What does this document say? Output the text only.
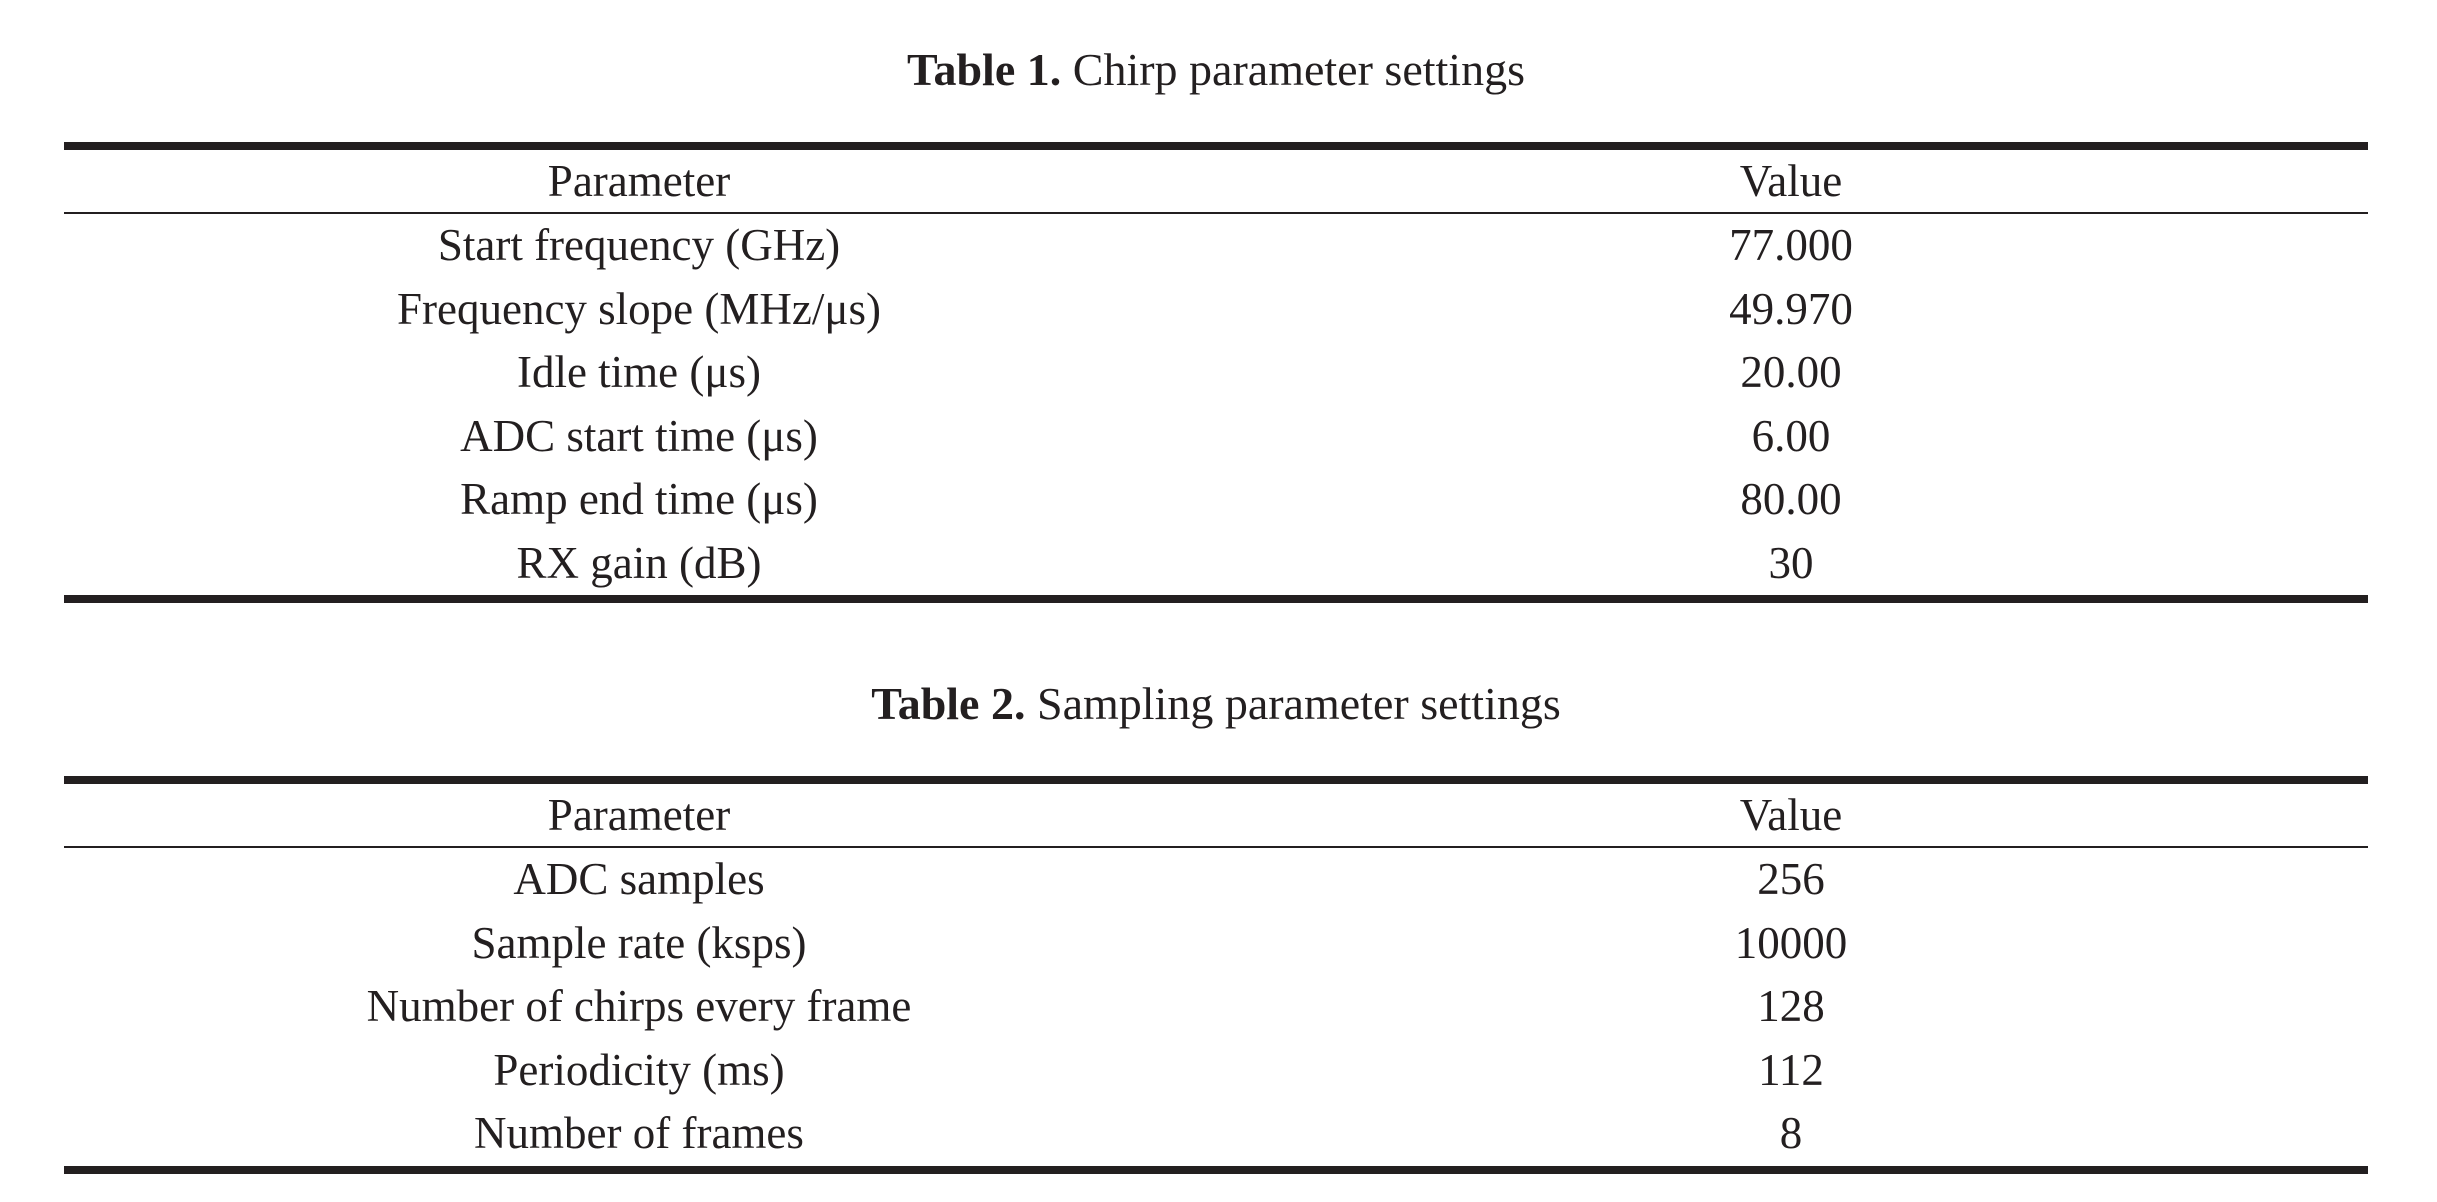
Table 1. Chirp parameter settings

Parameter	Value
Start frequency (GHz)	77.000
Frequency slope (MHz/μs)	49.970
Idle time (μs)	20.00
ADC start time (μs)	6.00
Ramp end time (μs)	80.00
RX gain (dB)	30

Table 2. Sampling parameter settings

Parameter	Value
ADC samples	256
Sample rate (ksps)	10000
Number of chirps every frame	128
Periodicity (ms)	112
Number of frames	8
